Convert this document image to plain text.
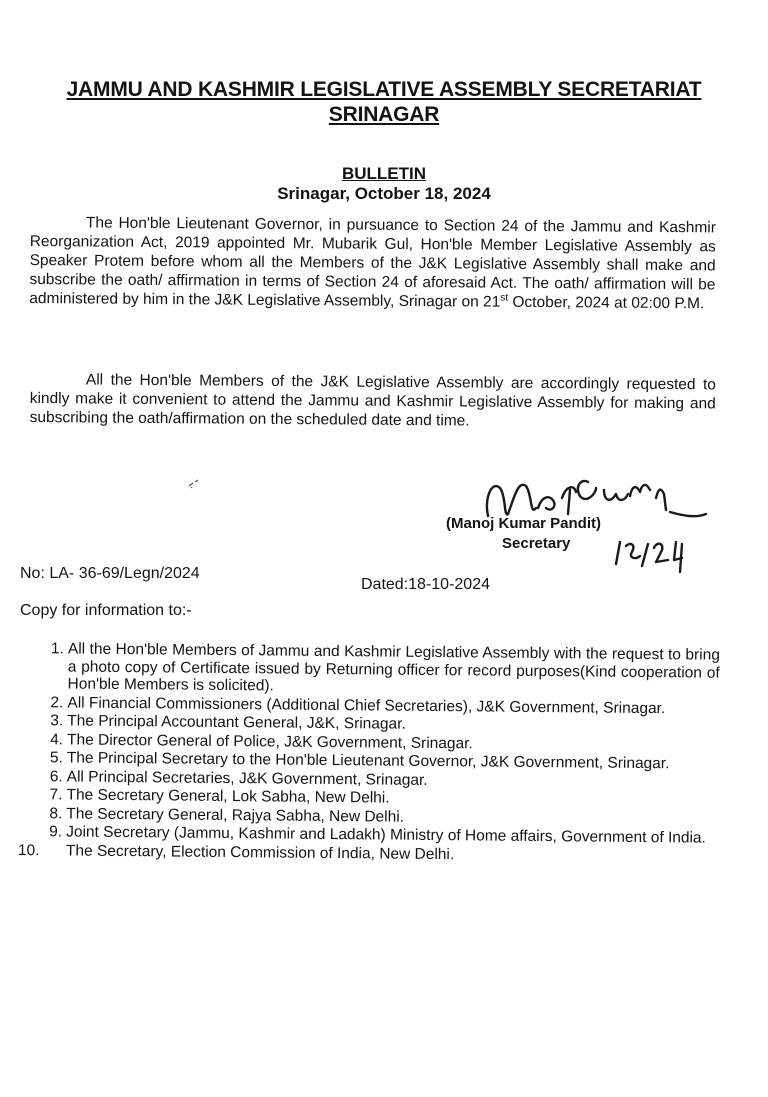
JAMMU AND KASHMIR LEGISLATIVE ASSEMBLY SECRETARIAT
SRINAGAR
BULLETIN
Srinagar, October 18, 2024
The Hon'ble Lieutenant Governor, in pursuance to Section 24 of the Jammu and Kashmir Reorganization Act, 2019 appointed Mr. Mubarik Gul, Hon'ble Member Legislative Assembly as Speaker Protem before whom all the Members of the J&K Legislative Assembly shall make and subscribe the oath/ affirmation in terms of Section 24 of aforesaid Act. The oath/ affirmation will be administered by him in the J&K Legislative Assembly, Srinagar on 21st October, 2024 at 02:00 P.M.
All the Hon'ble Members of the J&K Legislative Assembly are accordingly requested to kindly make it convenient to attend the Jammu and Kashmir Legislative Assembly for making and subscribing the oath/affirmation on the scheduled date and time.
(Manoj Kumar Pandit)
Secretary
No: LA- 36-69/Legn/2024
Dated:18-10-2024
Copy for information to:-
1. All the Hon'ble Members of Jammu and Kashmir Legislative Assembly with the request to bring a photo copy of Certificate issued by Returning officer for record purposes(Kind cooperation of Hon'ble Members is solicited).
2. All Financial Commissioners (Additional Chief Secretaries), J&K Government, Srinagar.
3. The Principal Accountant General, J&K, Srinagar.
4. The Director General of Police, J&K Government, Srinagar.
5. The Principal Secretary to the Hon'ble Lieutenant Governor, J&K Government, Srinagar.
6. All Principal Secretaries, J&K Government, Srinagar.
7. The Secretary General, Lok Sabha, New Delhi.
8. The Secretary General, Rajya Sabha, New Delhi.
9. Joint Secretary (Jammu, Kashmir and Ladakh) Ministry of Home affairs, Government of India.
10.	The Secretary, Election Commission of India, New Delhi.
